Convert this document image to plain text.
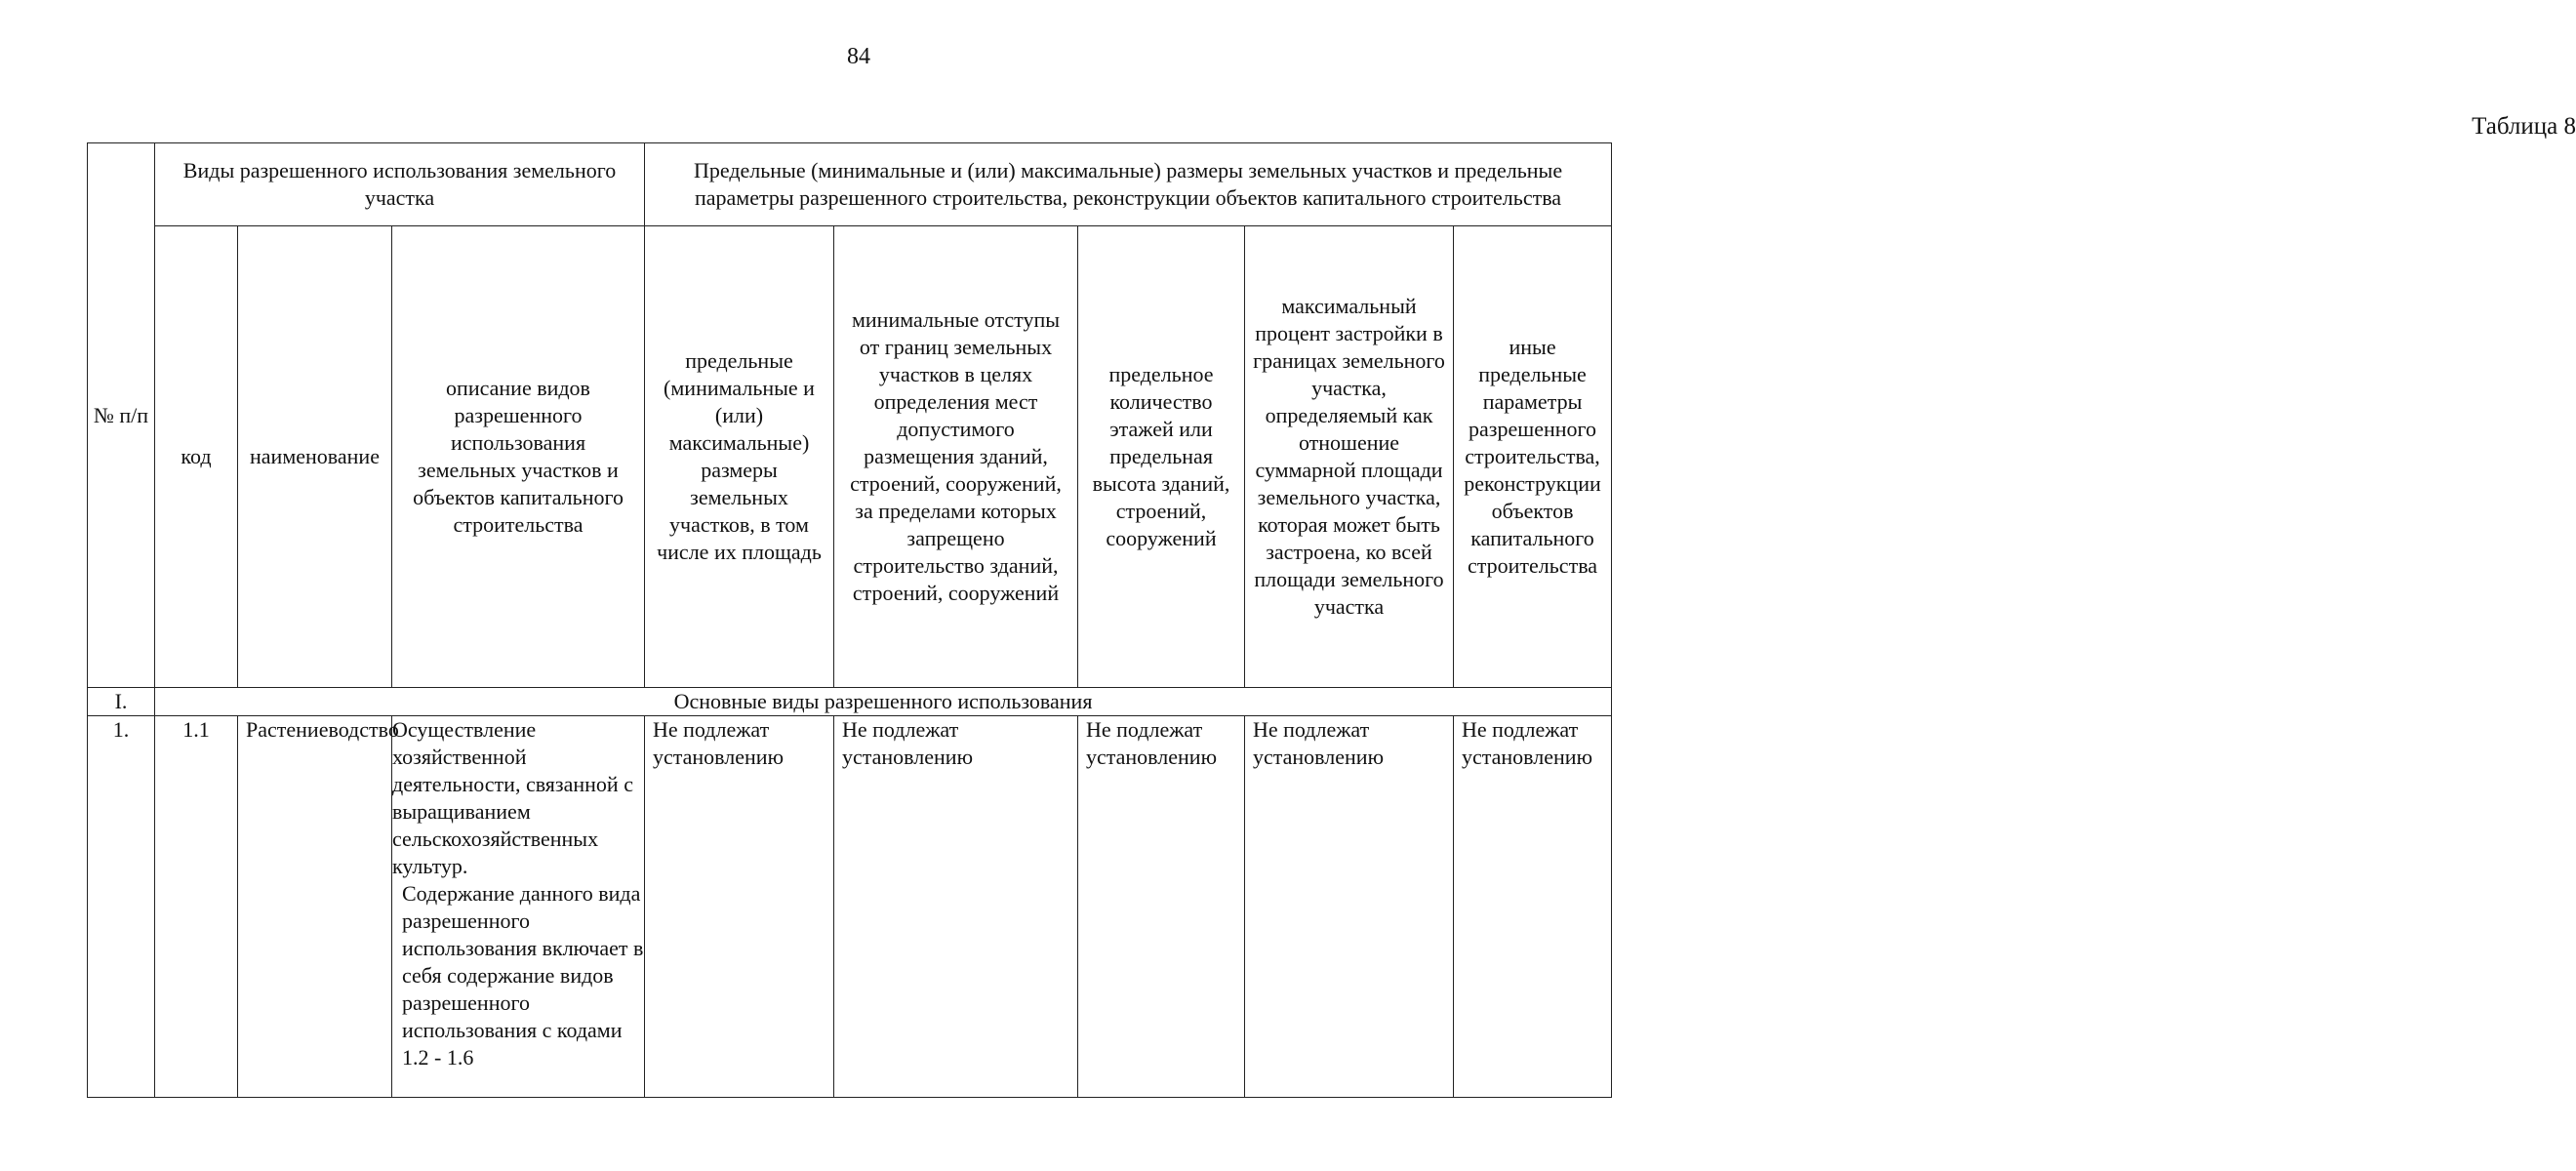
84
Таблица 8
№ п/п	Виды разрешенного использования земельного участка			Предельные (минимальные и (или) максимальные) размеры земельных участков и предельные параметры разрешенного строительства, реконструкции объектов капитального строительства				
	код	наименование	описание видов разрешенного использования земельных участков и объектов капитального строительства	предельные (минимальные и (или) максимальные) размеры земельных участков, в том числе их площадь	минимальные отступы от границ земельных участков в целях определения мест допустимого размещения зданий, строений, сооружений, за пределами которых запрещено строительство зданий, строений, сооружений	предельное количество этажей или предельная высота зданий, строений, сооружений	максимальный процент застройки в границах земельного участка, определяемый как отношение суммарной площади земельного участка, которая может быть застроена, ко всей площади земельного участка	иные предельные параметры разрешенного строительства, реконструкции объектов капитального строительства
I.	Основные виды разрешенного использования							
1.	1.1	Растениеводство	Осуществление хозяйственной деятельности, связанной с выращиванием сельскохозяйственных культур.
Содержание данного вида разрешенного использования включает в себя содержание видов разрешенного использования с кодами 1.2 - 1.6	Не подлежат установлению	Не подлежат установлению	Не подлежат установлению	Не подлежат установлению	Не подлежат установлению
